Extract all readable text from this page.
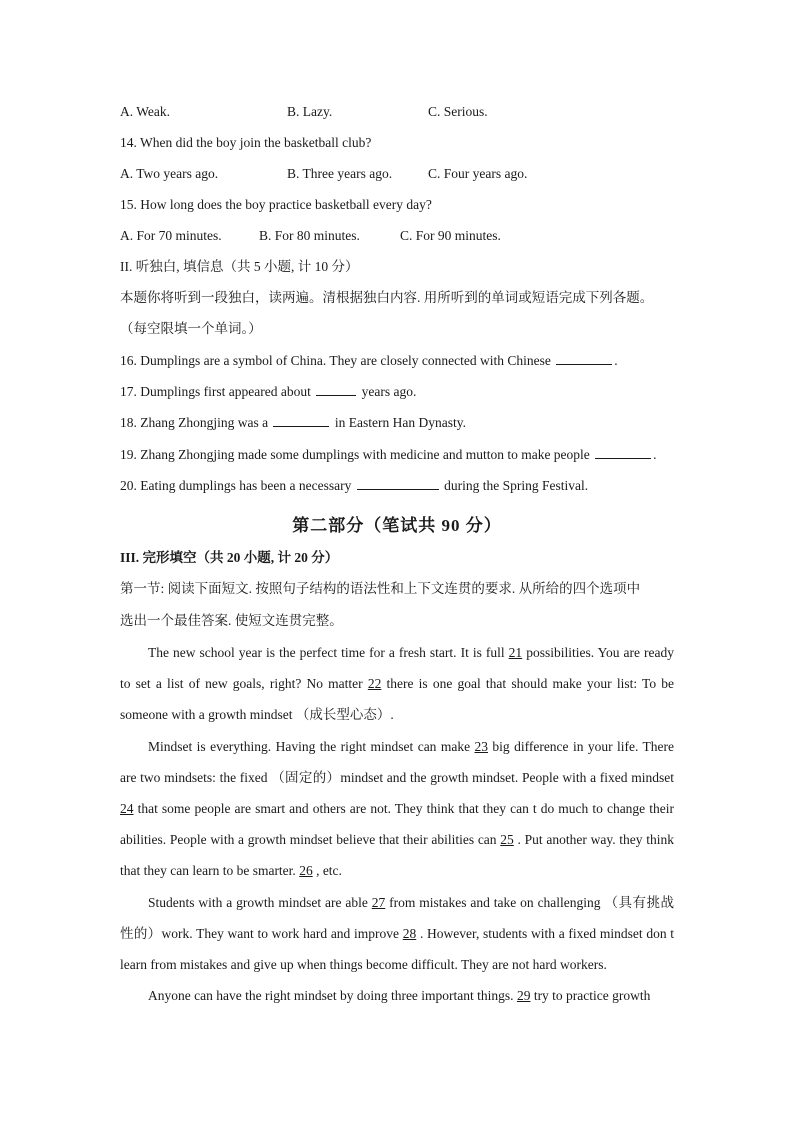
A. Weak.	B. Lazy.	C. Serious.
14. When did the boy join the basketball club?
A. Two years ago.	B. Three years ago.	C. Four years ago.
15. How long does the boy practice basketball every day?
A. For 70 minutes.	B. For 80 minutes.	C. For 90 minutes.
II. 听独白, 填信息（共 5 小题, 计 10 分）
本题你将听到一段独白，读两遍。清根据独白内容. 用所听到的单词或短语完成下列各题。
（每空限填一个单词。）
16. Dumplings are a symbol of China. They are closely connected with Chinese	.
17. Dumplings first appeared about	years ago.
18. Zhang Zhongjing was a	in Eastern Han Dynasty.
19. Zhang Zhongjing made some dumplings with medicine and mutton to make people	.
20. Eating dumplings has been a necessary	during the Spring Festival.
第二部分（笔试共 90 分）
III. 完形填空（共 20 小题, 计 20 分）
第一节: 阅读下面短文. 按照句子结构的语法性和上下文连贯的要求. 从所给的四个选项中
选出一个最佳答案. 使短文连贯完整。

The new school year is the perfect time for a fresh start. It is full 21 possibilities. You are ready to set a list of new goals, right? No matter 22 there is one goal that should make your list: To be someone with a growth mindset （成长型心态）.

Mindset is everything. Having the right mindset can make 23 big difference in your life. There are two mindsets: the fixed （固定的）mindset and the growth mindset. People with a fixed mindset 24 that some people are smart and others are not. They think that they can t do much to change their abilities. People with a growth mindset believe that their abilities can 25 . Put another way. they think that they can learn to be smarter. 26 , etc.

Students with a growth mindset are able 27 from mistakes and take on challenging （具有挑战性的）work. They want to work hard and improve 28 . However, students with a fixed mindset don t learn from mistakes and give up when things become difficult. They are not hard workers.

Anyone can have the right mindset by doing three important things. 29 try to practice growth
